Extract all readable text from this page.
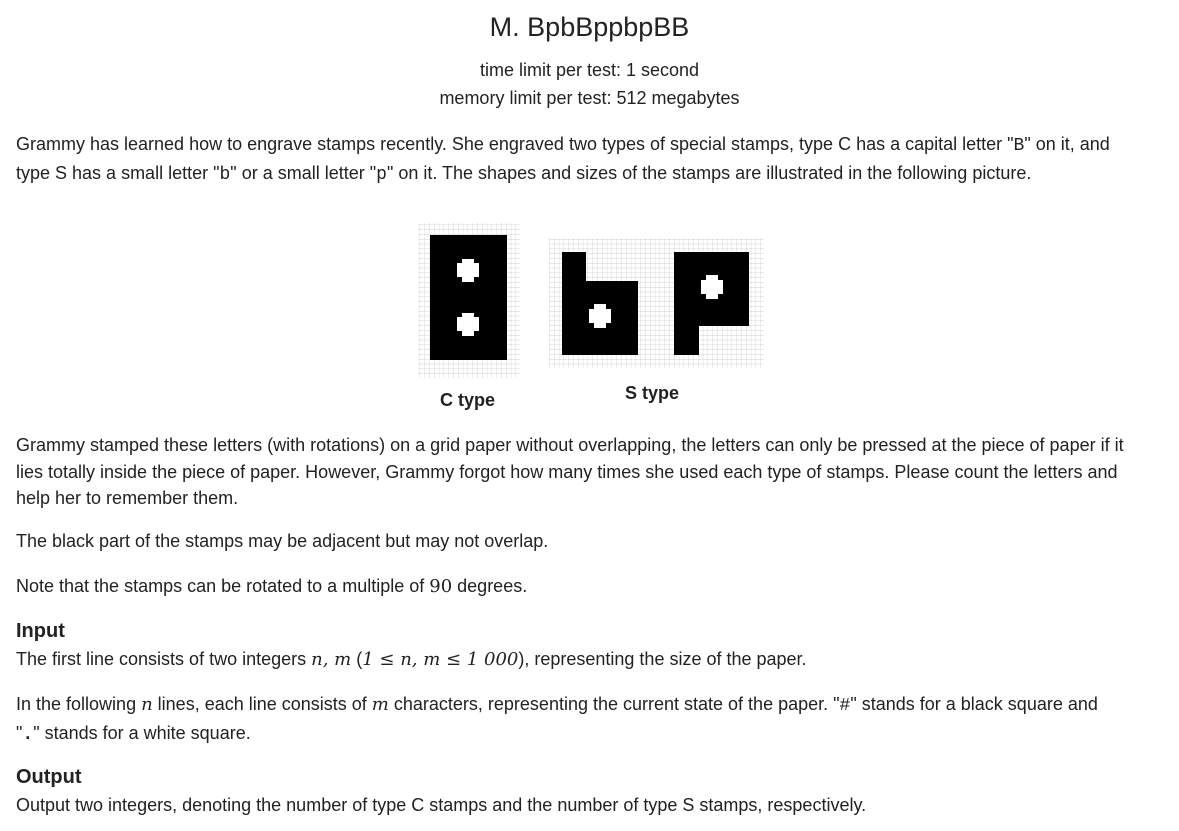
M. BpbBppbpBB
time limit per test: 1 second
memory limit per test: 512 megabytes
Grammy has learned how to engrave stamps recently. She engraved two types of special stamps, type C has a capital letter "B" on it, and
type S has a small letter "b" or a small letter "p" on it. The shapes and sizes of the stamps are illustrated in the following picture.
C type	S type
Grammy stamped these letters (with rotations) on a grid paper without overlapping, the letters can only be pressed at the piece of paper if it
lies totally inside the piece of paper. However, Grammy forgot how many times she used each type of stamps. Please count the letters and
help her to remember them.
The black part of the stamps may be adjacent but may not overlap.
Note that the stamps can be rotated to a multiple of 90 degrees.
Input
The first line consists of two integers n, m (1 ≤ n, m ≤ 1 000), representing the size of the paper.
In the following n lines, each line consists of m characters, representing the current state of the paper. "#" stands for a black square and
"." stands for a white square.
Output
Output two integers, denoting the number of type C stamps and the number of type S stamps, respectively.
